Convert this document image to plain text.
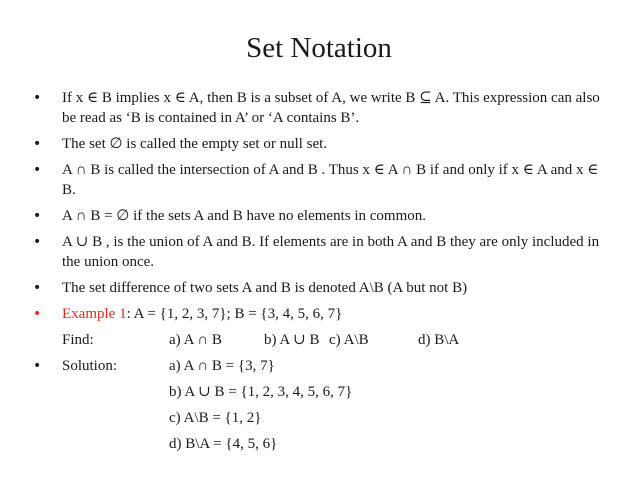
Set Notation
• If x ∈ B implies x ∈ A, then B is a subset of A, we write B ⊆ A. This expression can also be read as ‘B is contained in A’ or ‘A contains B’.
• The set ∅ is called the empty set or null set.
• A ∩ B is called the intersection of A and B . Thus x ∈ A ∩ B if and only if x ∈ A and x ∈ B.
• A ∩ B = ∅ if the sets A and B have no elements in common.
• A ∪ B , is the union of A and B. If elements are in both A and B they are only included in the union once.
• The set difference of two sets A and B is denoted A\B (A but not B)
• Example 1: A = {1, 2, 3, 7}; B = {3, 4, 5, 6, 7}
Find:	a) A ∩ B	b) A ∪ B c) A\B	d) B\A
• Solution:	a) A ∩ B = {3, 7}
b) A ∪ B = {1, 2, 3, 4, 5, 6, 7}
c) A\B = {1, 2}
d) B\A = {4, 5, 6}
